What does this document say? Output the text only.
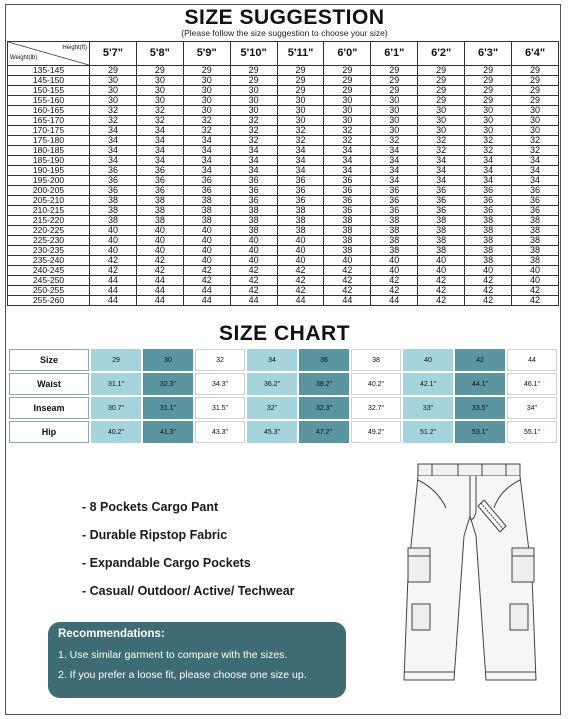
SIZE SUGGESTION
(Please follow the size suggestion to choose your size)
Height(ft)
Weight(lb)	5'7"	5'8"	5'9"	5'10"	5'11"	6'0"	6'1"	6'2"	6'3"	6'4"
135-145	29	29	29	29	29	29	29	29	29	29
145-150	30	30	30	29	29	29	29	29	29	29
150-155	30	30	30	30	29	29	29	29	29	29
155-160	30	30	30	30	30	30	30	29	29	29
160-165	32	32	30	30	30	30	30	30	30	30
165-170	32	32	32	32	30	30	30	30	30	30
170-175	34	34	32	32	32	32	30	30	30	30
175-180	34	34	34	32	32	32	32	32	32	32
180-185	34	34	34	34	34	34	34	32	32	32
185-190	34	34	34	34	34	34	34	34	34	34
190-195	36	36	34	34	34	34	34	34	34	34
195-200	36	36	36	36	36	36	34	34	34	34
200-205	36	36	36	36	36	36	36	36	36	36
205-210	38	38	38	36	36	36	36	36	36	36
210-215	38	38	38	38	38	36	36	36	36	36
215-220	38	38	38	38	38	38	38	38	38	38
220-225	40	40	40	38	38	38	38	38	38	38
225-230	40	40	40	40	40	38	38	38	38	38
230-235	40	40	40	40	40	38	38	38	38	38
235-240	42	42	40	40	40	40	40	40	38	38
240-245	42	42	42	42	42	42	40	40	40	40
245-250	44	44	42	42	42	42	42	42	42	40
250-255	44	44	44	42	42	42	42	42	42	42
255-260	44	44	44	44	44	44	44	42	42	42
SIZE CHART
Size	29	30	32	34	36	38	40	42	44
Waist	31.1"	32.3"	34.3"	36.2"	38.2"	40.2"	42.1"	44.1"	46.1"
Inseam	30.7"	31.1"	31.5"	32"	32.3"	32.7"	33"	33.5"	34"
Hip	40.2"	41.3"	43.3"	45.3"	47.2"	49.2"	51.2"	53.1"	55.1"
- 8 Pockets Cargo Pant
- Durable Ripstop Fabric
- Expandable Cargo Pockets
- Casual/ Outdoor/ Active/ Techwear
Recommendations:
1. Use similar garment to compare with the sizes.
2. If you prefer a loose fit, please choose one size up.
